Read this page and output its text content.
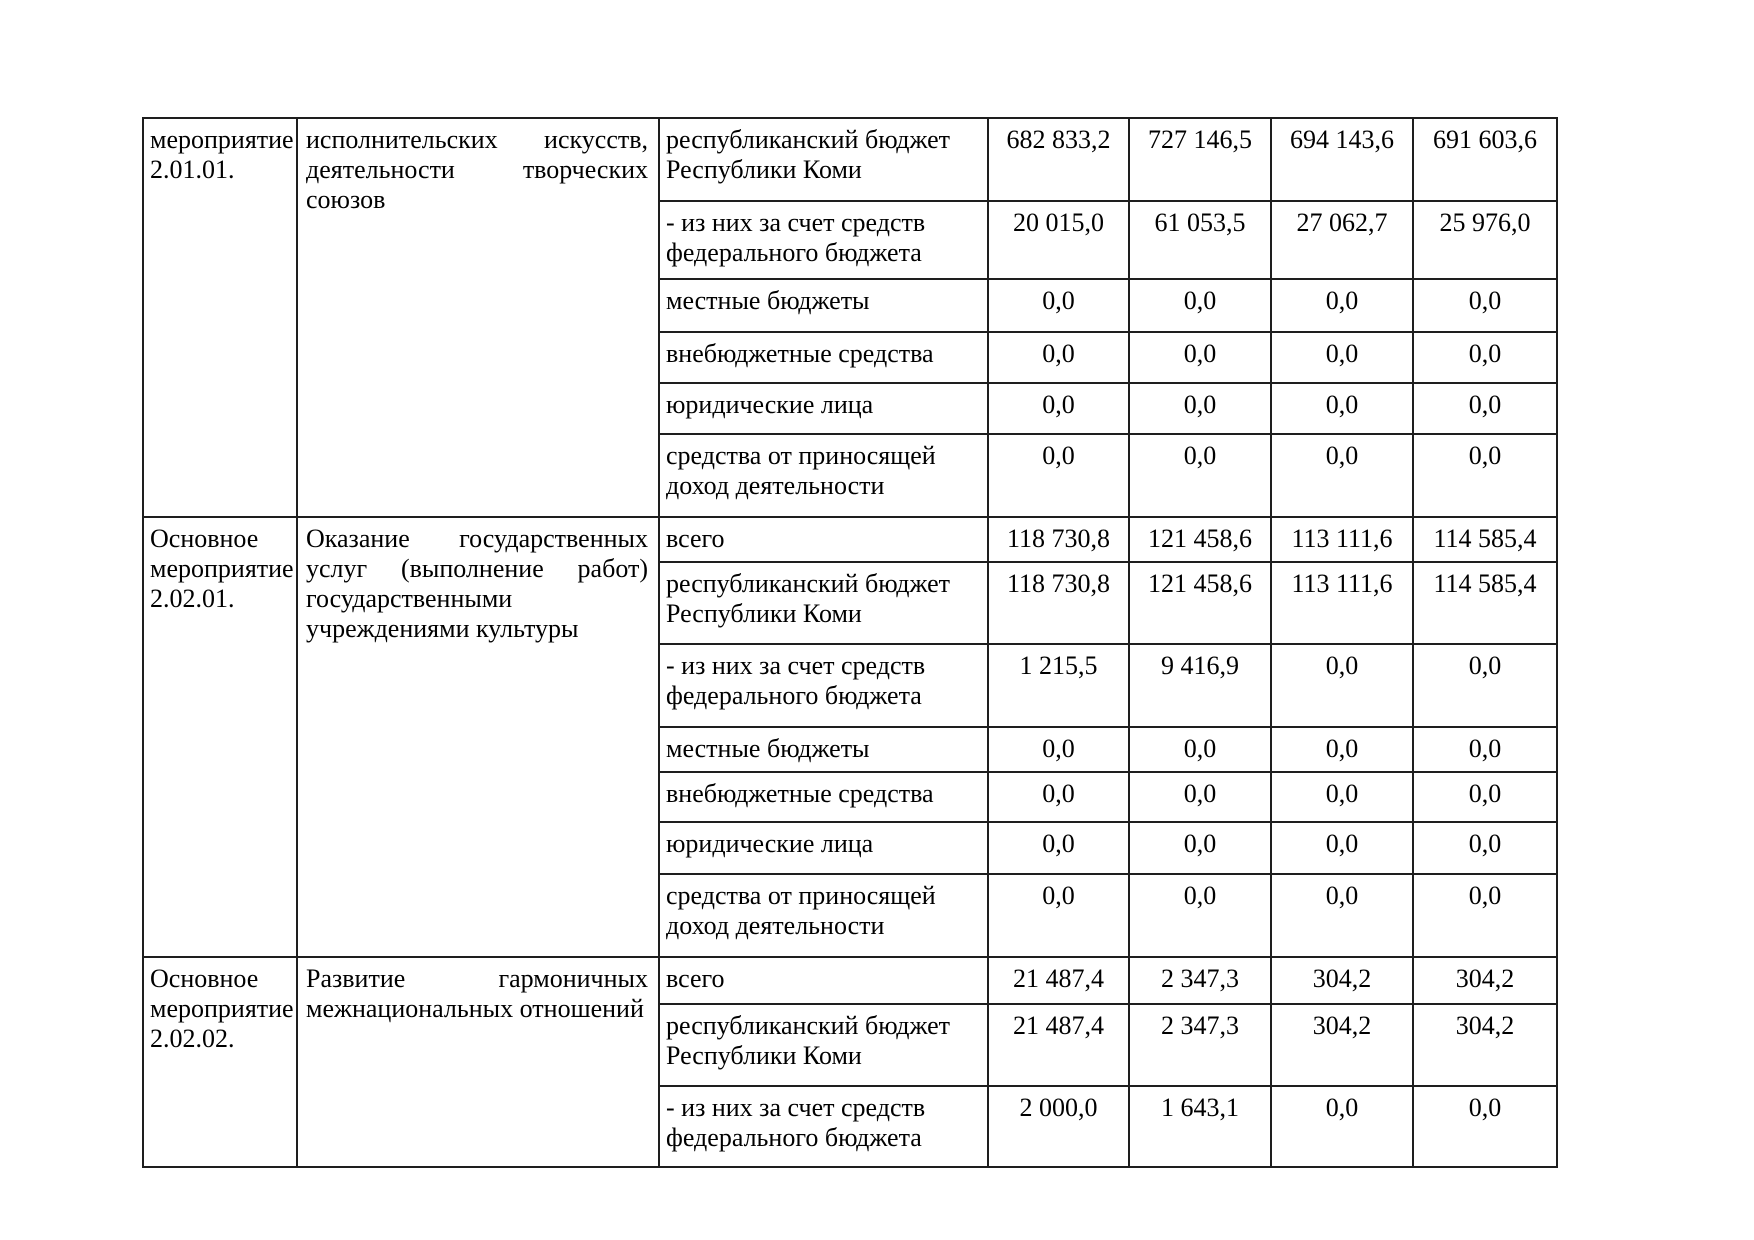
мероприятие 2.01.01.	исполнительских искусств, деятельности творческих союзов	республиканский бюджет Республики Коми	682 833,2	727 146,5	694 143,6	691 603,6
		- из них за счет средств федерального бюджета	20 015,0	61 053,5	27 062,7	25 976,0
		местные бюджеты	0,0	0,0	0,0	0,0
		внебюджетные средства	0,0	0,0	0,0	0,0
		юридические лица	0,0	0,0	0,0	0,0
		средства от приносящей доход деятельности	0,0	0,0	0,0	0,0
Основное мероприятие 2.02.01.	Оказание государственных услуг (выполнение работ) государственными учреждениями культуры	всего	118 730,8	121 458,6	113 111,6	114 585,4
		республиканский бюджет Республики Коми	118 730,8	121 458,6	113 111,6	114 585,4
		- из них за счет средств федерального бюджета	1 215,5	9 416,9	0,0	0,0
		местные бюджеты	0,0	0,0	0,0	0,0
		внебюджетные средства	0,0	0,0	0,0	0,0
		юридические лица	0,0	0,0	0,0	0,0
		средства от приносящей доход деятельности	0,0	0,0	0,0	0,0
Основное мероприятие 2.02.02.	Развитие гармоничных межнациональных отношений	всего	21 487,4	2 347,3	304,2	304,2
		республиканский бюджет Республики Коми	21 487,4	2 347,3	304,2	304,2
		- из них за счет средств федерального бюджета	2 000,0	1 643,1	0,0	0,0
